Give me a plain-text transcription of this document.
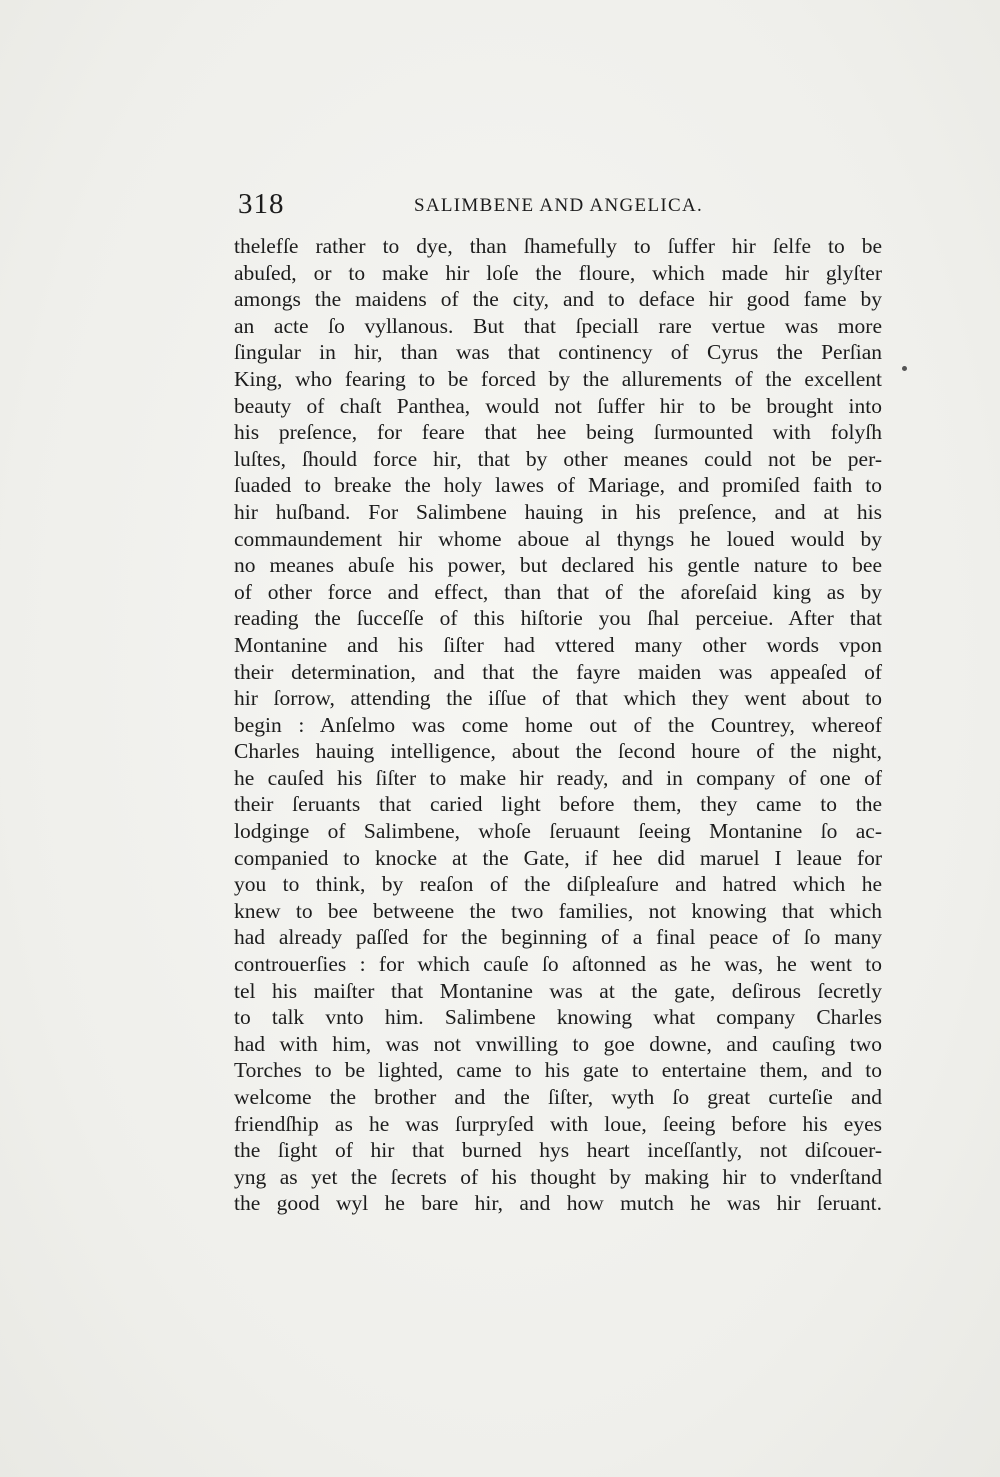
318	SALIMBENE AND ANGELICA.
thelefſe rather to dye, than ſhamefully to ſuffer hir ſelfe to be
abuſed, or to make hir loſe the floure, which made hir glyſter
amongs the maidens of the city, and to deface hir good fame by
an acte ſo vyllanous. But that ſpeciall rare vertue was more
ſingular in hir, than was that continency of Cyrus the Perſian
King, who fearing to be forced by the allurements of the excellent
beauty of chaſt Panthea, would not ſuffer hir to be brought into
his preſence, for feare that hee being ſurmounted with folyſh
luſtes, ſhould force hir, that by other meanes could not be per-
ſuaded to breake the holy lawes of Mariage, and promiſed faith to
hir huſband. For Salimbene hauing in his preſence, and at his
commaundement hir whome aboue al thyngs he loued would by
no meanes abuſe his power, but declared his gentle nature to bee
of other force and effect, than that of the aforeſaid king as by
reading the ſucceſſe of this hiſtorie you ſhal perceiue. After that
Montanine and his ſiſter had vttered many other words vpon
their determination, and that the fayre maiden was appeaſed of
hir ſorrow, attending the iſſue of that which they went about to
begin : Anſelmo was come home out of the Countrey, whereof
Charles hauing intelligence, about the ſecond houre of the night,
he cauſed his ſiſter to make hir ready, and in company of one of
their ſeruants that caried light before them, they came to the
lodginge of Salimbene, whoſe ſeruaunt ſeeing Montanine ſo ac-
companied to knocke at the Gate, if hee did maruel I leaue for
you to think, by reaſon of the diſpleaſure and hatred which he
knew to bee betweene the two families, not knowing that which
had already paſſed for the beginning of a final peace of ſo many
controuerſies : for which cauſe ſo aſtonned as he was, he went to
tel his maiſter that Montanine was at the gate, deſirous ſecretly
to talk vnto him. Salimbene knowing what company Charles
had with him, was not vnwilling to goe downe, and cauſing two
Torches to be lighted, came to his gate to entertaine them, and to
welcome the brother and the ſiſter, wyth ſo great curteſie and
friendſhip as he was ſurpryſed with loue, ſeeing before his eyes
the ſight of hir that burned hys heart inceſſantly, not diſcouer-
yng as yet the ſecrets of his thought by making hir to vnderſtand
the good wyl he bare hir, and how mutch he was hir ſeruant.
